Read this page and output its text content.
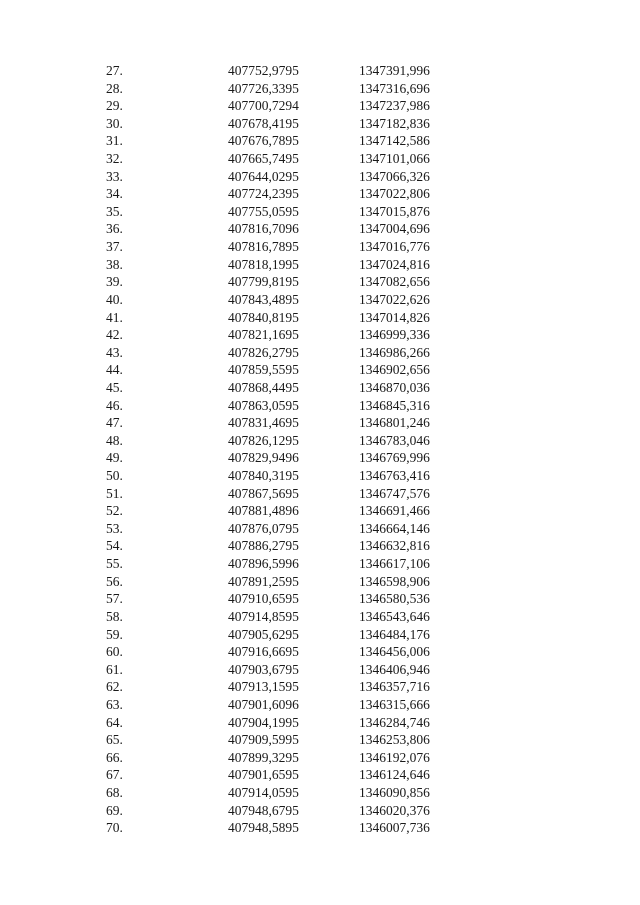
27.	407752,9795	1347391,996
28.	407726,3395	1347316,696
29.	407700,7294	1347237,986
30.	407678,4195	1347182,836
31.	407676,7895	1347142,586
32.	407665,7495	1347101,066
33.	407644,0295	1347066,326
34.	407724,2395	1347022,806
35.	407755,0595	1347015,876
36.	407816,7096	1347004,696
37.	407816,7895	1347016,776
38.	407818,1995	1347024,816
39.	407799,8195	1347082,656
40.	407843,4895	1347022,626
41.	407840,8195	1347014,826
42.	407821,1695	1346999,336
43.	407826,2795	1346986,266
44.	407859,5595	1346902,656
45.	407868,4495	1346870,036
46.	407863,0595	1346845,316
47.	407831,4695	1346801,246
48.	407826,1295	1346783,046
49.	407829,9496	1346769,996
50.	407840,3195	1346763,416
51.	407867,5695	1346747,576
52.	407881,4896	1346691,466
53.	407876,0795	1346664,146
54.	407886,2795	1346632,816
55.	407896,5996	1346617,106
56.	407891,2595	1346598,906
57.	407910,6595	1346580,536
58.	407914,8595	1346543,646
59.	407905,6295	1346484,176
60.	407916,6695	1346456,006
61.	407903,6795	1346406,946
62.	407913,1595	1346357,716
63.	407901,6096	1346315,666
64.	407904,1995	1346284,746
65.	407909,5995	1346253,806
66.	407899,3295	1346192,076
67.	407901,6595	1346124,646
68.	407914,0595	1346090,856
69.	407948,6795	1346020,376
70.	407948,5895	1346007,736
